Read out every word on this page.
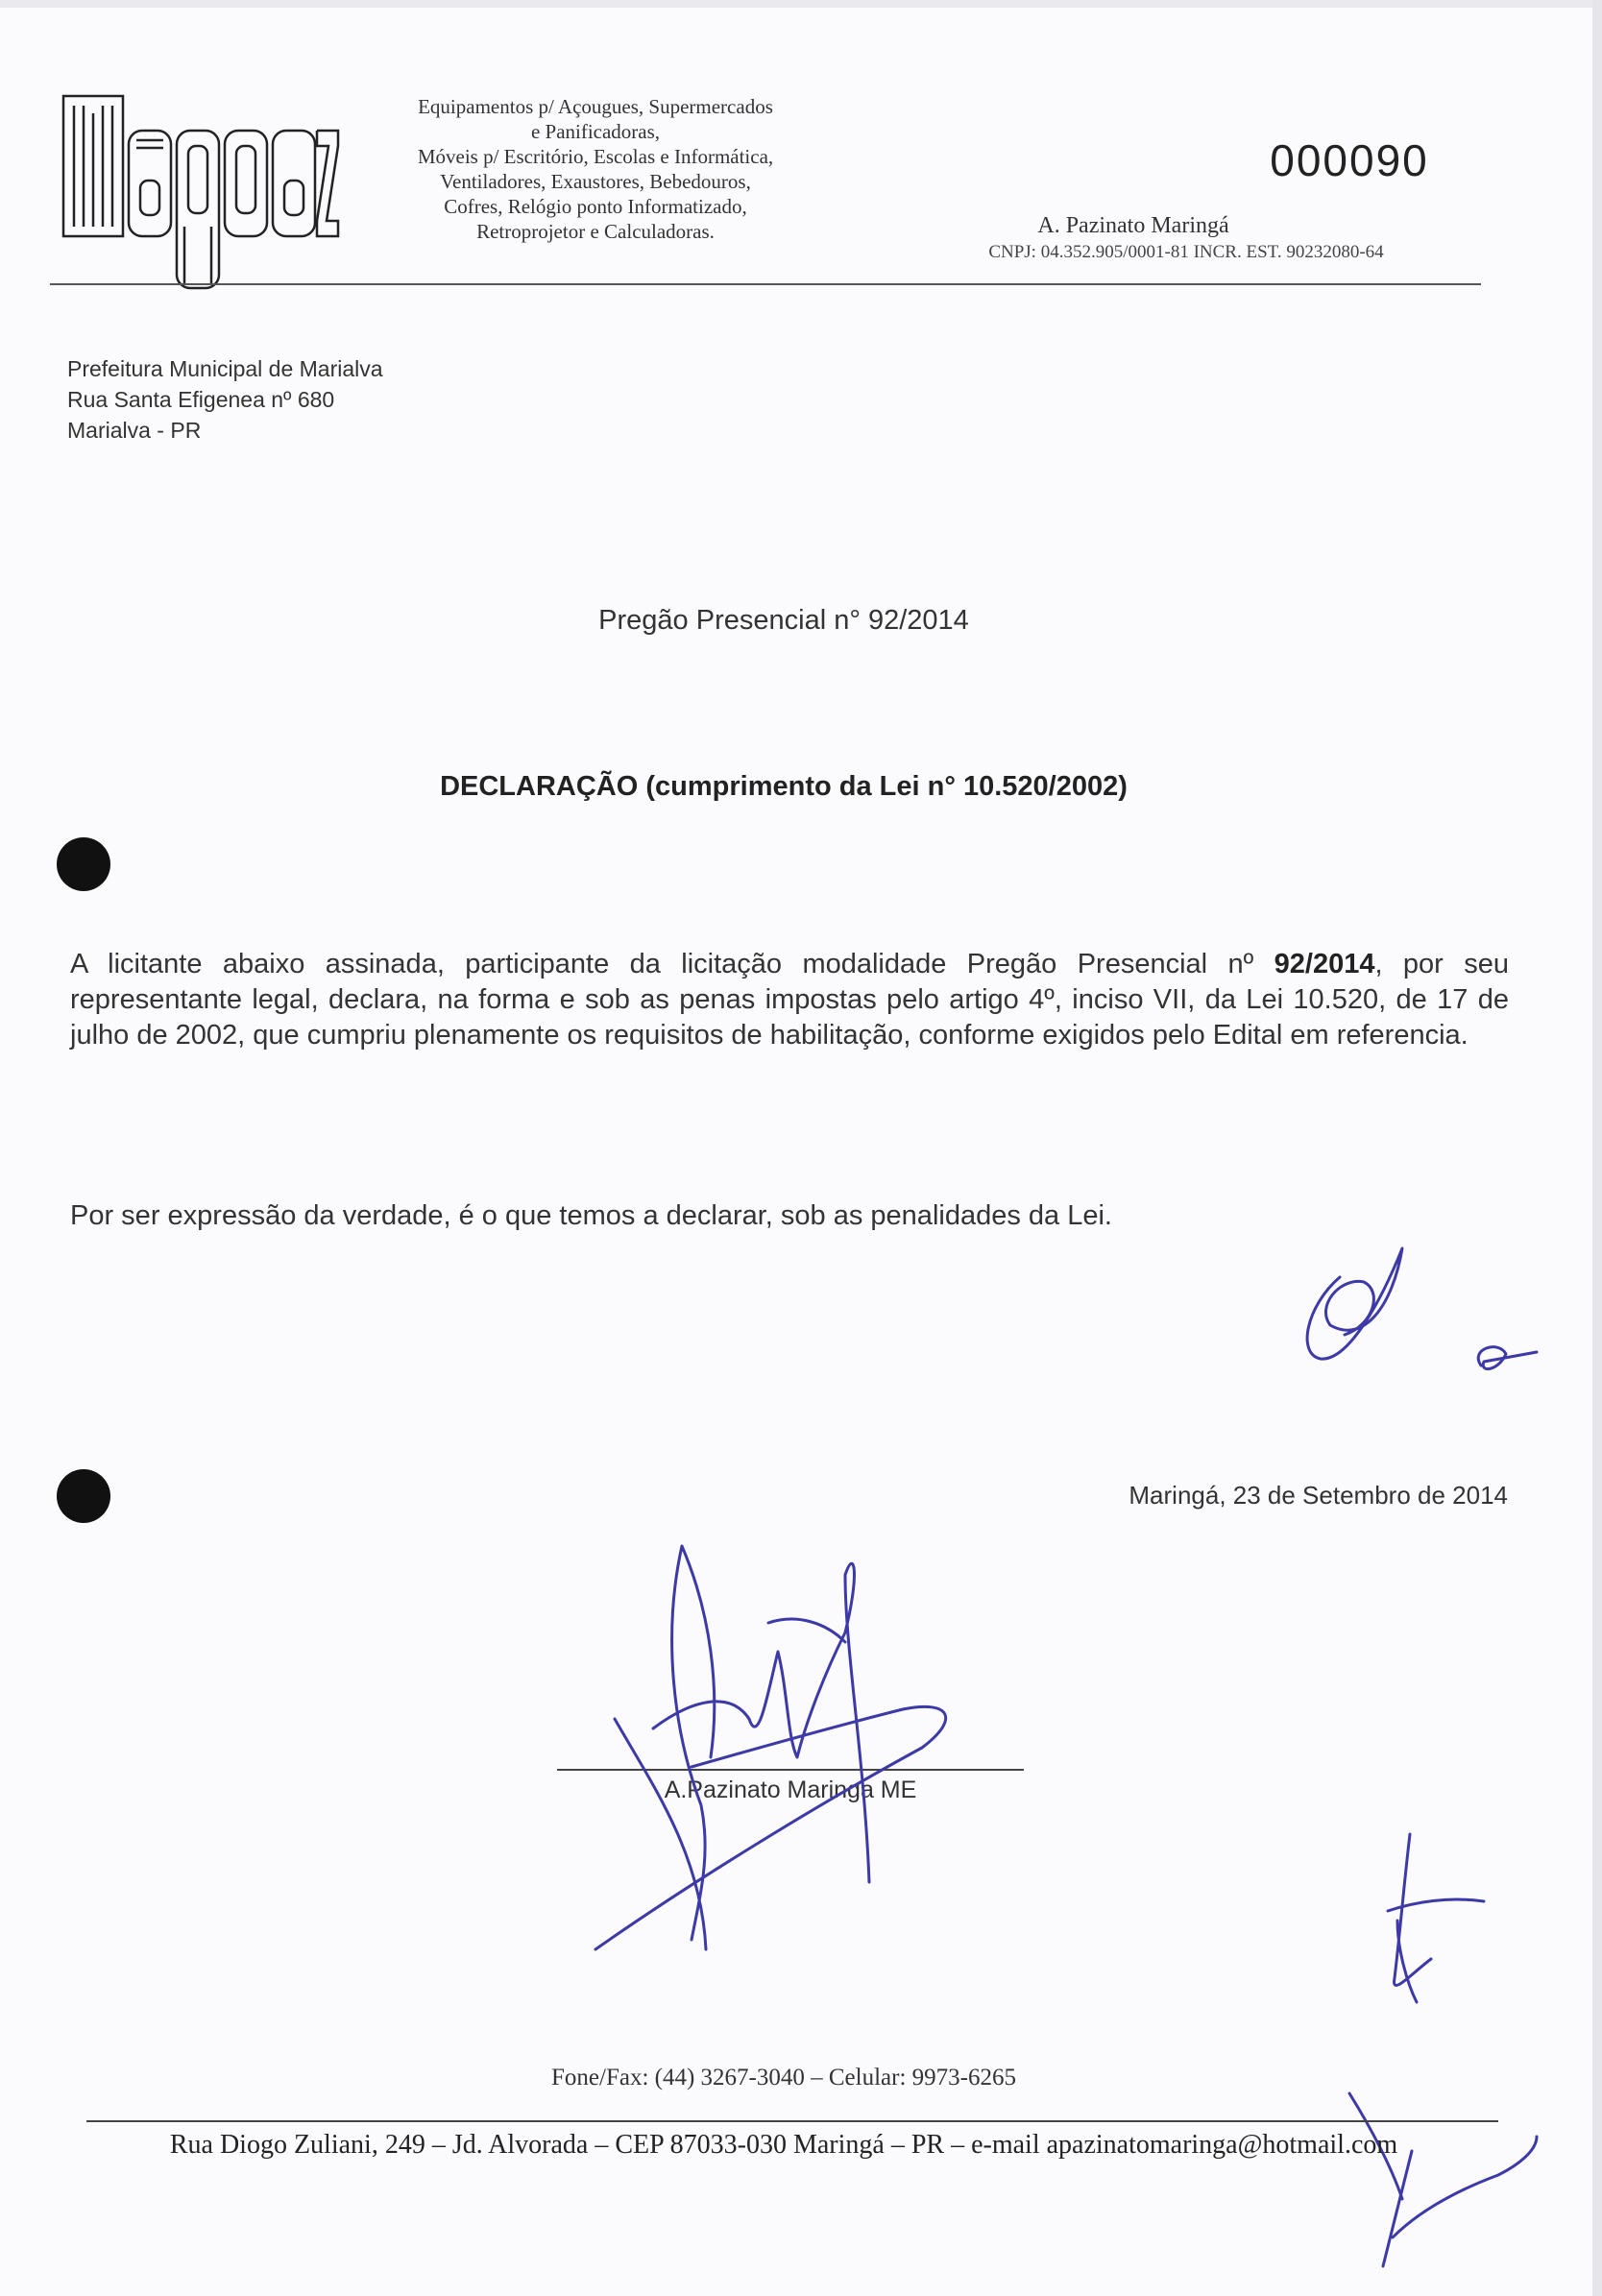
Magpaz
Equipamentos p/ Açougues, Supermercados
e Panificadoras,
Móveis p/ Escritório, Escolas e Informática,
Ventiladores, Exaustores, Bebedouros,
Cofres, Relógio ponto Informatizado,
Retroprojetor e Calculadoras.
000090
A. Pazinato Maringá
CNPJ: 04.352.905/0001-81 INCR. EST. 90232080-64
Prefeitura Municipal de Marialva
Rua Santa Efigenea nº 680
Marialva - PR
Pregão Presencial n° 92/2014
DECLARAÇÃO (cumprimento da Lei n° 10.520/2002)
A licitante abaixo assinada, participante da licitação modalidade Pregão Presencial nº 92/2014, por seu representante legal, declara, na forma e sob as penas impostas pelo artigo 4º, inciso VII, da Lei 10.520, de 17 de julho de 2002, que cumpriu plenamente os requisitos de habilitação, conforme exigidos pelo Edital em referencia.
Por ser expressão da verdade, é o que temos a declarar, sob as penalidades da Lei.
Maringá, 23 de Setembro de 2014
A.Pazinato Maringa ME
Fone/Fax: (44) 3267-3040 – Celular: 9973-6265
Rua Diogo Zuliani, 249 – Jd. Alvorada – CEP 87033-030 Maringá – PR – e-mail apazinatomaringa@hotmail.com
